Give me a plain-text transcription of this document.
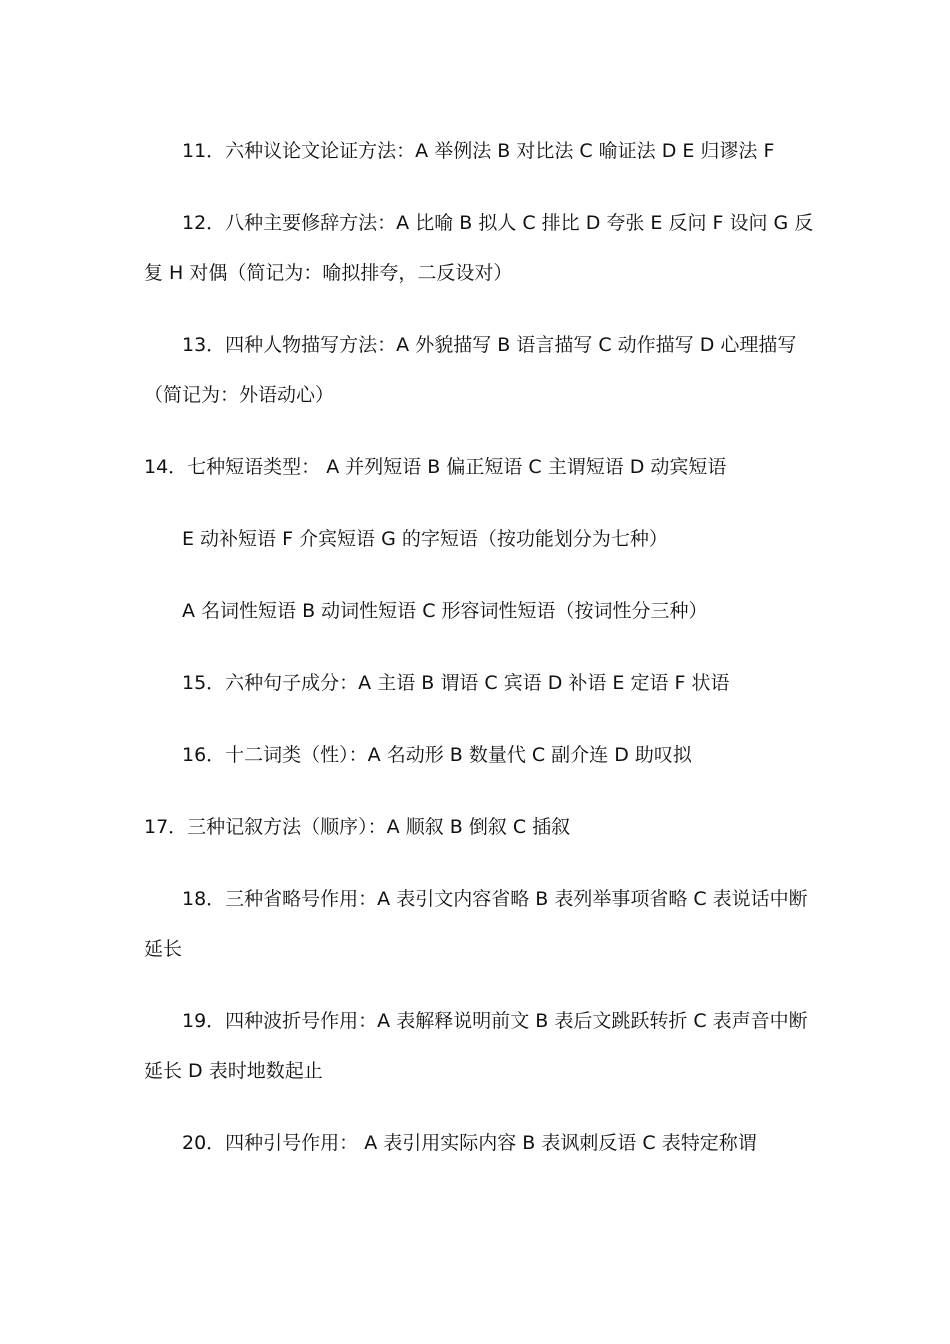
11．六种议论文论证方法：A 举例法 B 对比法 C 喻证法 D E 归谬法 F
12．八种主要修辞方法：A 比喻 B 拟人 C 排比 D 夸张 E 反问 F 设问 G 反
复 H 对偶（简记为：喻拟排夸，二反设对）
13．四种人物描写方法：A 外貌描写 B 语言描写 C 动作描写 D 心理描写
（简记为：外语动心）
14．七种短语类型： A 并列短语 B 偏正短语 C 主谓短语 D 动宾短语
E 动补短语 F 介宾短语 G 的字短语（按功能划分为七种）
A 名词性短语 B 动词性短语 C 形容词性短语（按词性分三种）
15．六种句子成分：A 主语 B 谓语 C 宾语 D 补语 E 定语 F 状语
16．十二词类（性）：A 名动形 B 数量代 C 副介连 D 助叹拟
17．三种记叙方法（顺序）：A 顺叙 B 倒叙 C 插叙
18．三种省略号作用：A 表引文内容省略 B 表列举事项省略 C 表说话中断
延长
19．四种波折号作用：A 表解释说明前文 B 表后文跳跃转折 C 表声音中断
延长 D 表时地数起止
20．四种引号作用： A 表引用实际内容 B 表讽刺反语 C 表特定称谓
